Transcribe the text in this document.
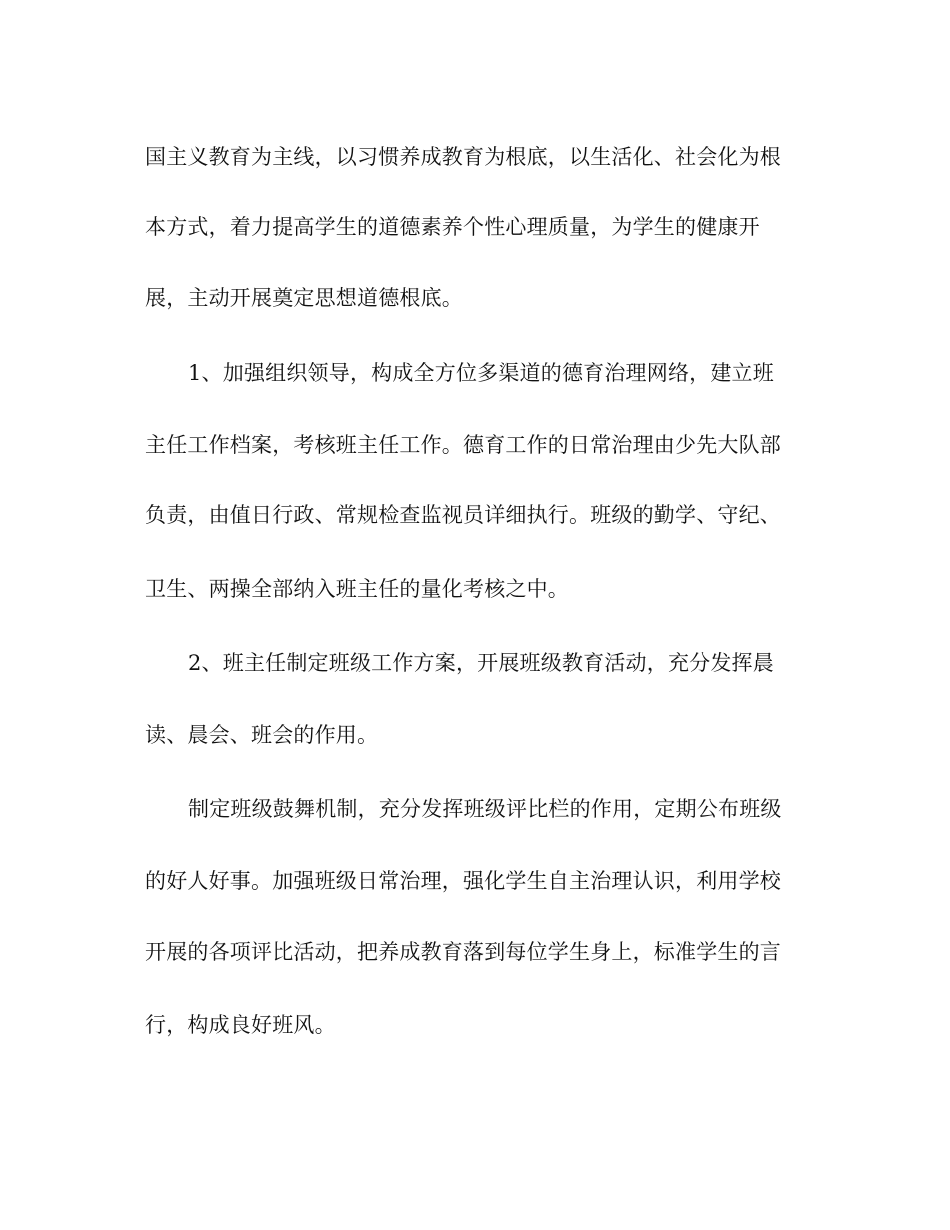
国主义教育为主线，以习惯养成教育为根底，以生活化、社会化为根
本方式，着力提高学生的道德素养个性心理质量，为学生的健康开
展，主动开展奠定思想道德根底。
1、加强组织领导，构成全方位多渠道的德育治理网络，建立班
主任工作档案，考核班主任工作。德育工作的日常治理由少先大队部
负责，由值日行政、常规检查监视员详细执行。班级的勤学、守纪、
卫生、两操全部纳入班主任的量化考核之中。
2、班主任制定班级工作方案，开展班级教育活动，充分发挥晨
读、晨会、班会的作用。
制定班级鼓舞机制，充分发挥班级评比栏的作用，定期公布班级
的好人好事。加强班级日常治理，强化学生自主治理认识，利用学校
开展的各项评比活动，把养成教育落到每位学生身上，标准学生的言
行，构成良好班风。
